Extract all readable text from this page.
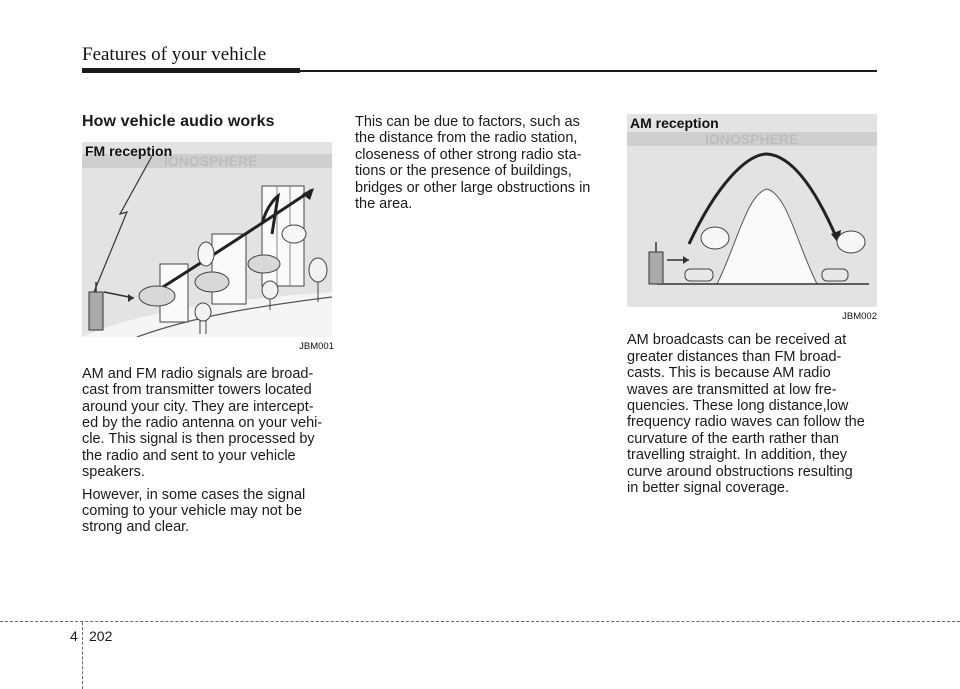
Features of your vehicle
How vehicle audio works
IONOSPHERE
FM reception
JBM001

AM and FM radio signals are broad-
cast from transmitter towers located
around your city. They are intercept-
ed by the radio antenna on your vehi-
cle. This signal is then processed by
the radio and sent to your vehicle
speakers.

However, in some cases the signal
coming to your vehicle may not be
strong and clear.

This can be due to factors, such as
the distance from the radio station,
closeness of other strong radio sta-
tions or the presence of buildings,
bridges or other large obstructions in
the area.

IONOSPHERE
AM reception
JBM002

AM broadcasts can be received at
greater distances than FM broad-
casts. This is because AM radio
waves are transmitted at low fre-
quencies. These long distance,low
frequency radio waves can follow the
curvature of the earth rather than
travelling straight. In addition, they
curve around obstructions resulting
in better signal coverage.

4 202
